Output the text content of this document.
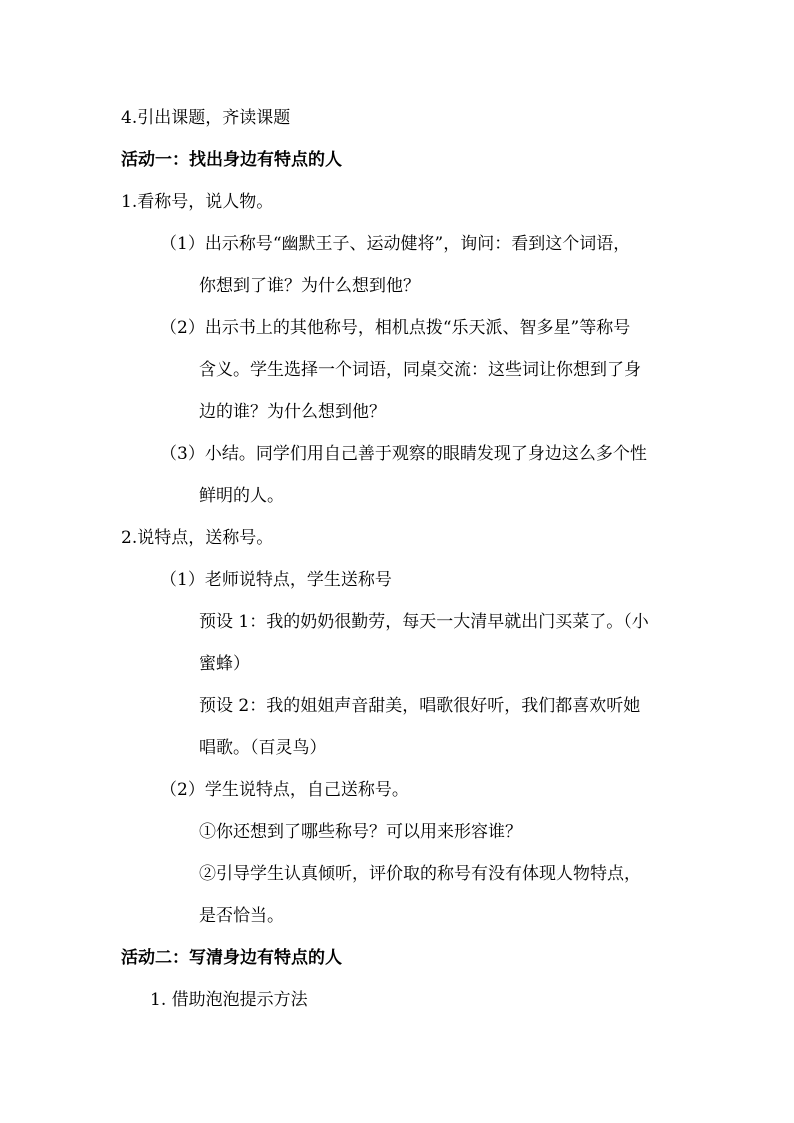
4.引出课题，齐读课题
活动一：找出身边有特点的人
1.看称号，说人物。
（1）出示称号“幽默王子、运动健将”，询问：看到这个词语，
你想到了谁？为什么想到他？
（2）出示书上的其他称号，相机点拨“乐天派、智多星”等称号
含义。学生选择一个词语，同桌交流：这些词让你想到了身
边的谁？为什么想到他？
（3）小结。同学们用自己善于观察的眼睛发现了身边这么多个性
鲜明的人。
2.说特点，送称号。
（1）老师说特点，学生送称号
预设 1：我的奶奶很勤劳，每天一大清早就出门买菜了。（小
蜜蜂）
预设 2：我的姐姐声音甜美，唱歌很好听，我们都喜欢听她
唱歌。（百灵鸟）
（2）学生说特点，自己送称号。
①你还想到了哪些称号？可以用来形容谁？
②引导学生认真倾听，评价取的称号有没有体现人物特点，
是否恰当。
活动二：写清身边有特点的人
1. 借助泡泡提示方法
